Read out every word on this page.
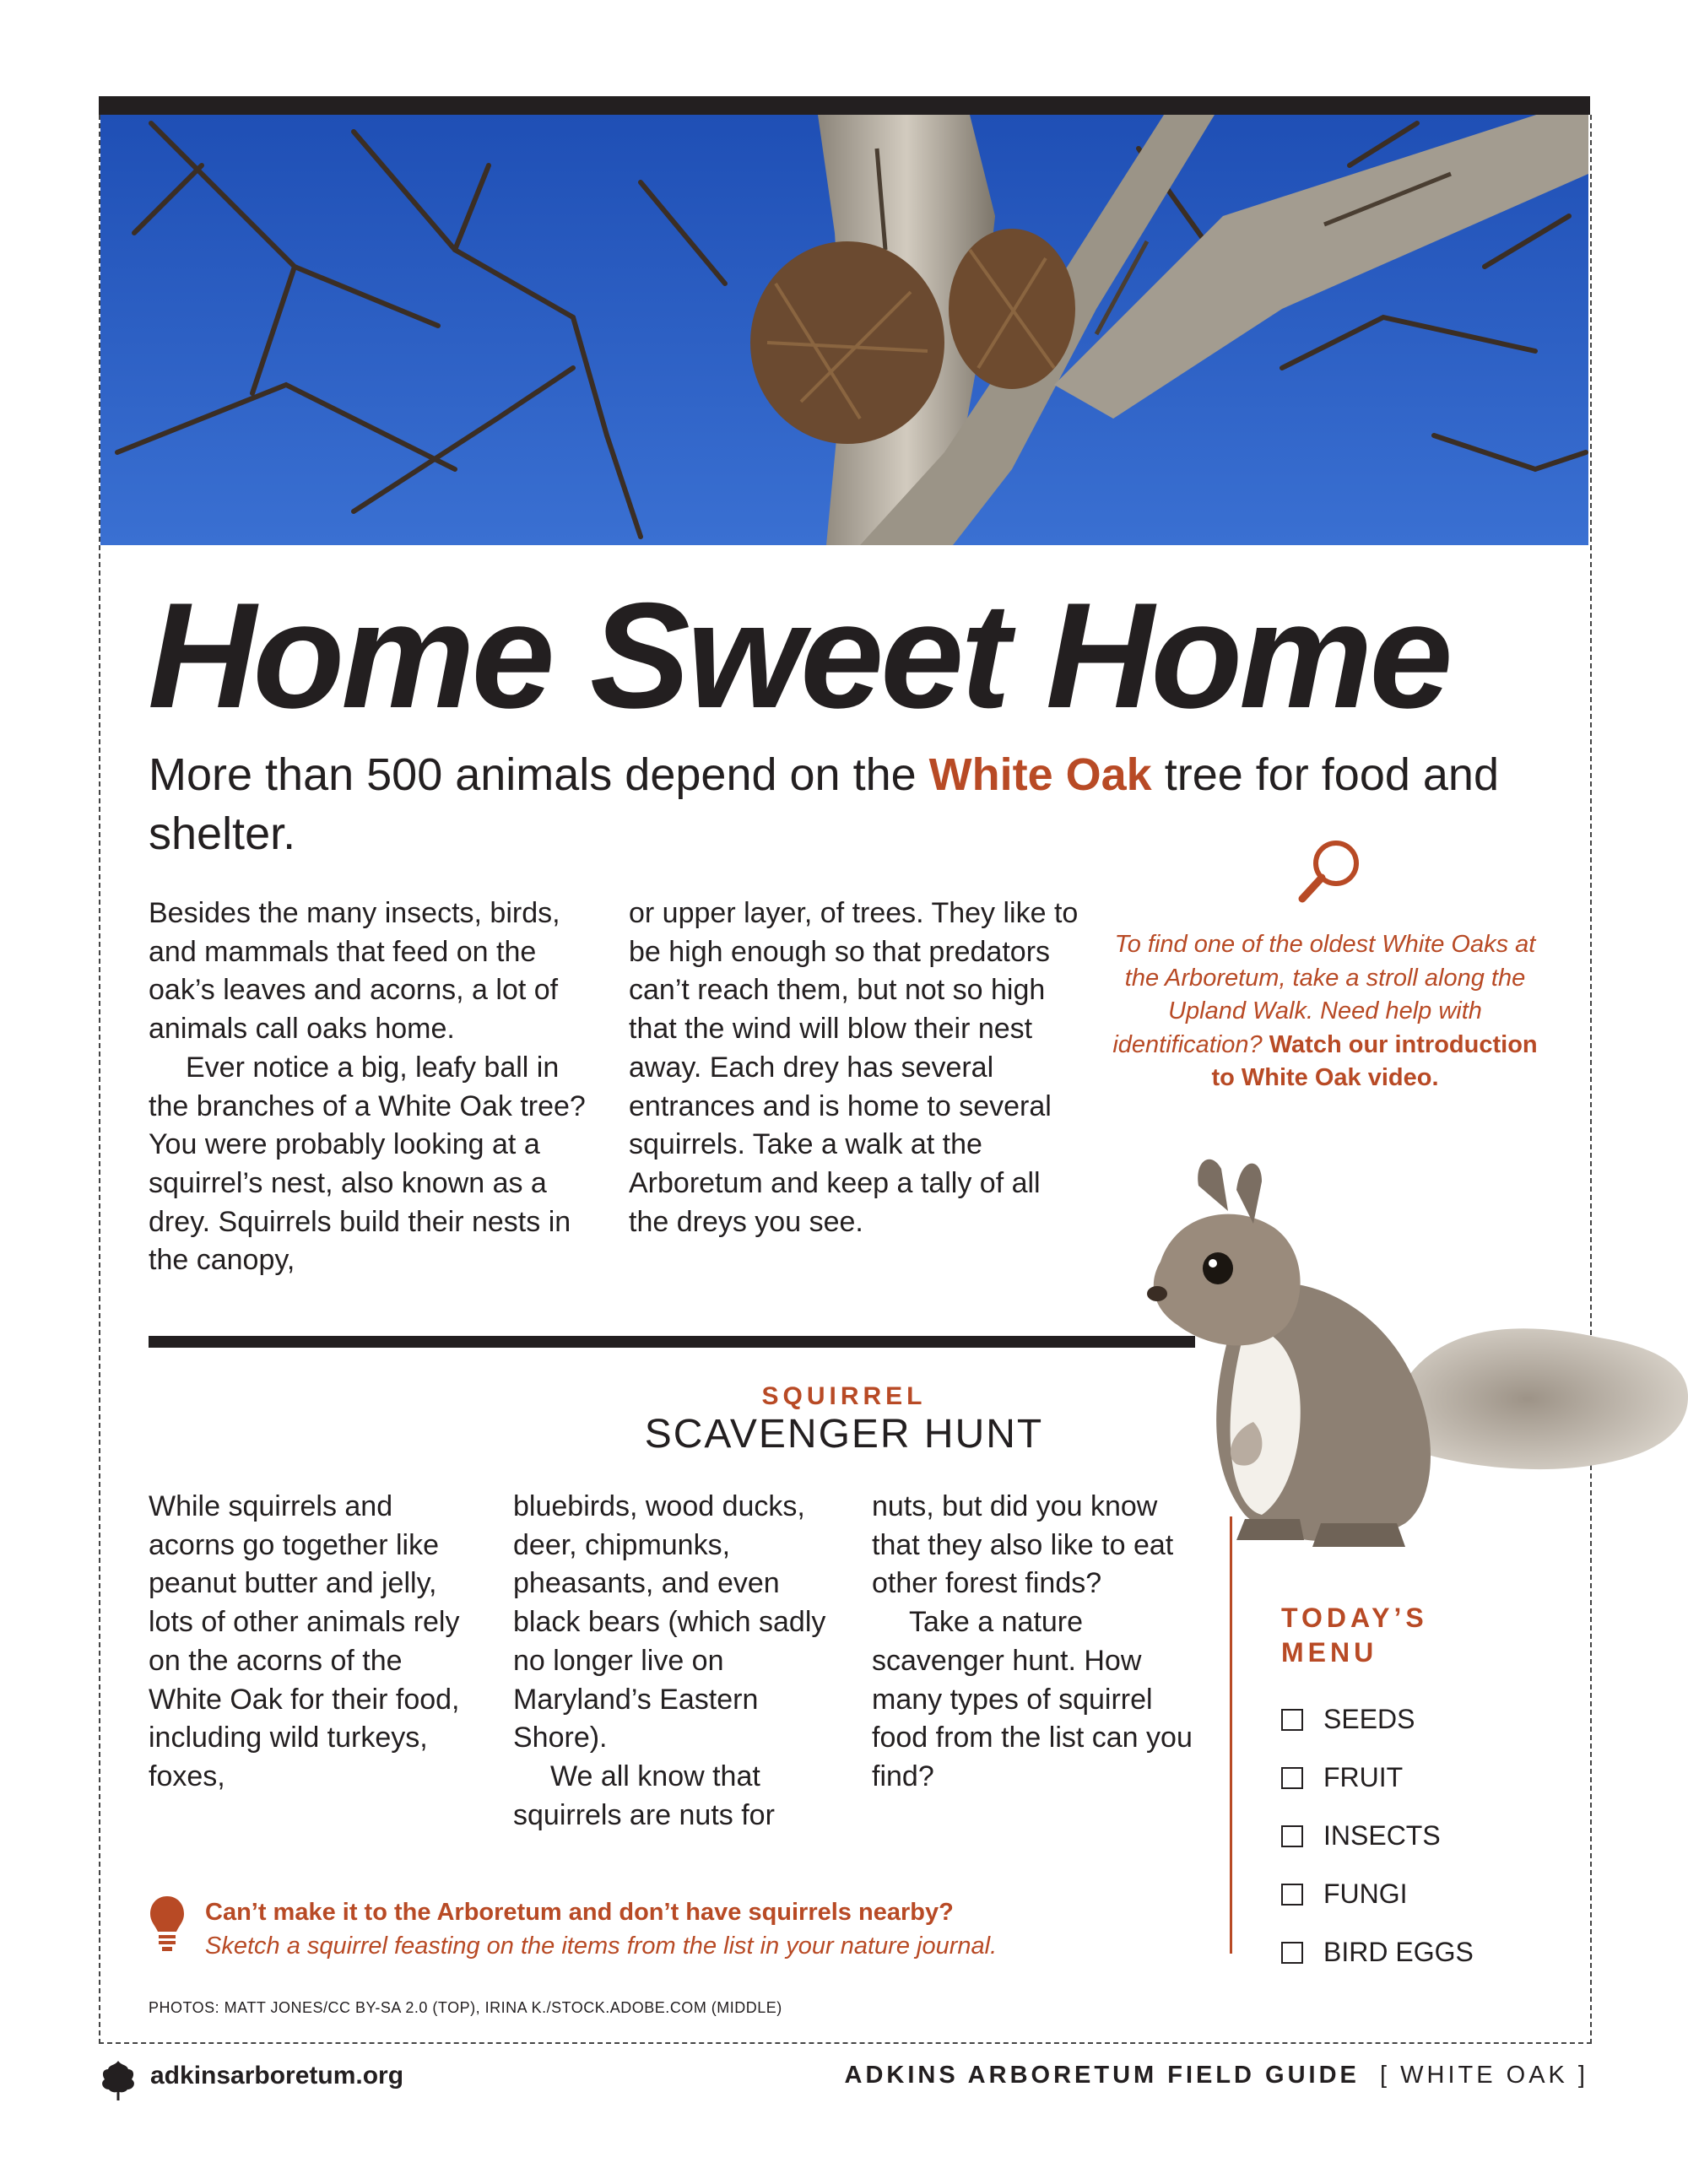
Home Sweet Home
More than 500 animals depend on the White Oak tree for food and shelter.

Besides the many insects, birds, and mammals that feed on the oak’s leaves and acorns, a lot of animals call oaks home.

Ever notice a big, leafy ball in the branches of a White Oak tree? You were probably looking at a squirrel’s nest, also known as a drey. Squirrels build their nests in the canopy,

or upper layer, of trees. They like to be high enough so that predators can’t reach them, but not so high that the wind will blow their nest away. Each drey has several entrances and is home to several squirrels. Take a walk at the Arboretum and keep a tally of all the dreys you see.

To find one of the oldest White Oaks at the Arboretum, take a stroll along the Upland Walk. Need help with identification? Watch our introduction to White Oak video.
SQUIRREL
SCAVENGER HUNT

While squirrels and acorns go together like peanut butter and jelly, lots of other animals rely on the acorns of the White Oak for their food, including wild turkeys, foxes,

bluebirds, wood ducks, deer, chipmunks, pheasants, and even black bears (which sadly no longer live on Maryland’s Eastern Shore).

We all know that squirrels are nuts for

nuts, but did you know that they also like to eat other forest finds?

Take a nature scavenger hunt. How many types of squirrel food from the list can you find?

TODAY’S MENU
SEEDS
FRUIT
INSECTS
FUNGI
BIRD EGGS
Can’t make it to the Arboretum and don’t have squirrels nearby?
Sketch a squirrel feasting on the items from the list in your nature journal.
PHOTOS: MATT JONES/CC BY-SA 2.0 (TOP), IRINA K./STOCK.ADOBE.COM (MIDDLE)
adkinsarboretum.org	ADKINS ARBORETUM FIELD GUIDE [ WHITE OAK ]
